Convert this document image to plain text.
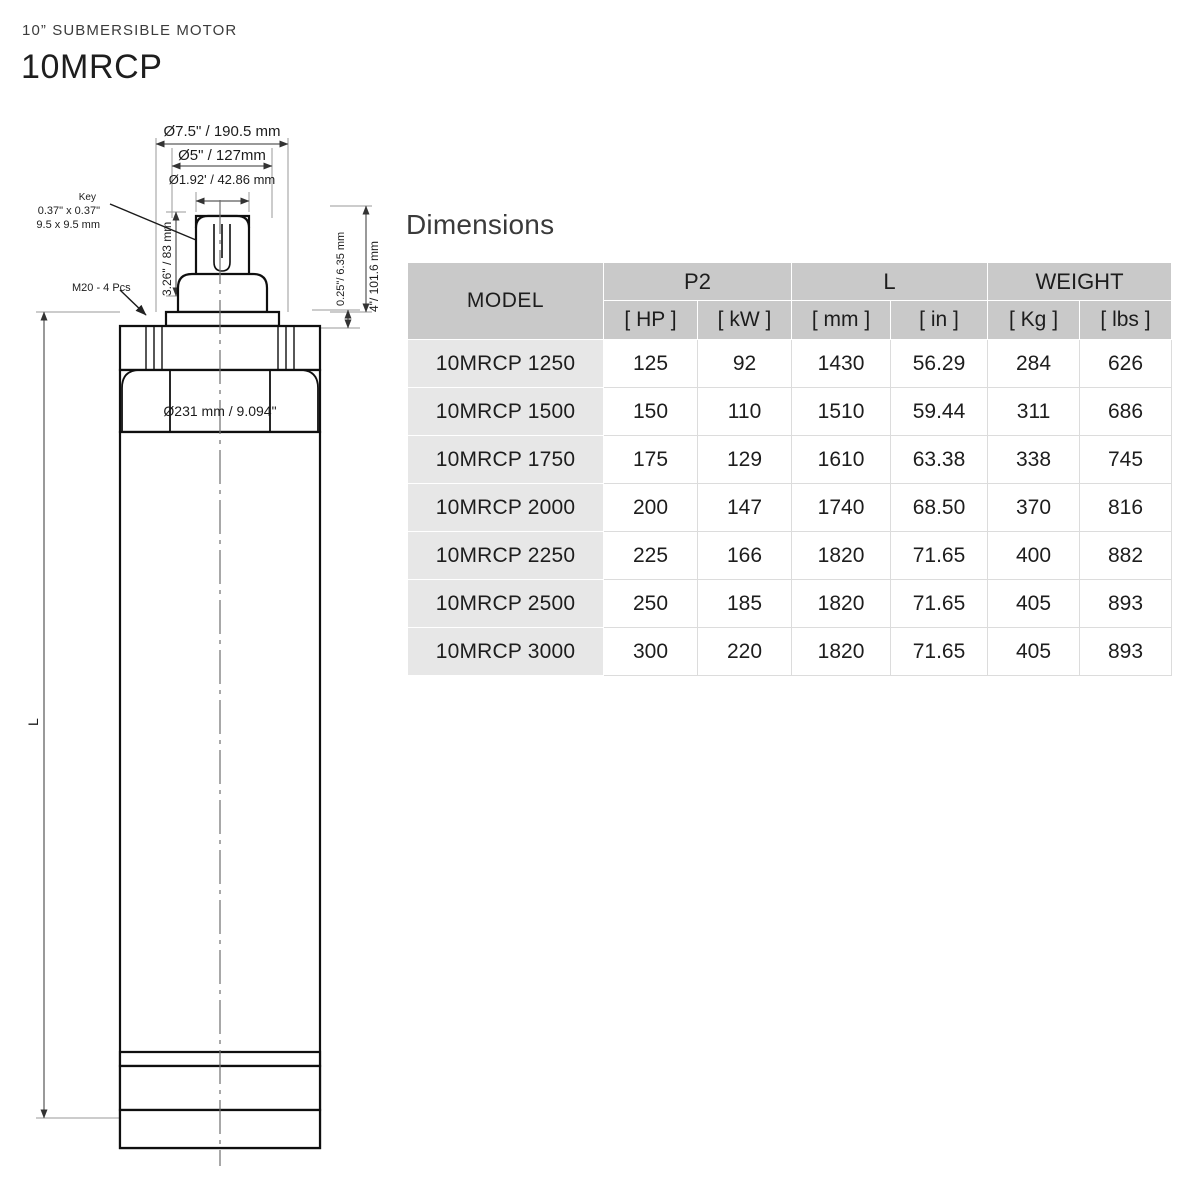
10” SUBMERSIBLE MOTOR
10MRCP
Ø7.5" / 190.5 mm
Ø5" / 127mm
Ø1.92' / 42.86 mm
Key
0.37" x 0.37"
9.5 x 9.5 mm
M20 - 4 Pcs
Ø231 mm / 9.094"
3.26" / 83 mm	0.25"/ 6.35 mm 4"/ 101.6 mm
L
Dimensions
MODEL	P2		L		WEIGHT	
	[ HP ]	[ kW ]	[ mm ]	[ in ]	[ Kg ]	[ lbs ]
10MRCP 1250	125	92	1430	56.29	284	626
10MRCP 1500	150	110	1510	59.44	311	686
10MRCP 1750	175	129	1610	63.38	338	745
10MRCP 2000	200	147	1740	68.50	370	816
10MRCP 2250	225	166	1820	71.65	400	882
10MRCP 2500	250	185	1820	71.65	405	893
10MRCP 3000	300	220	1820	71.65	405	893
